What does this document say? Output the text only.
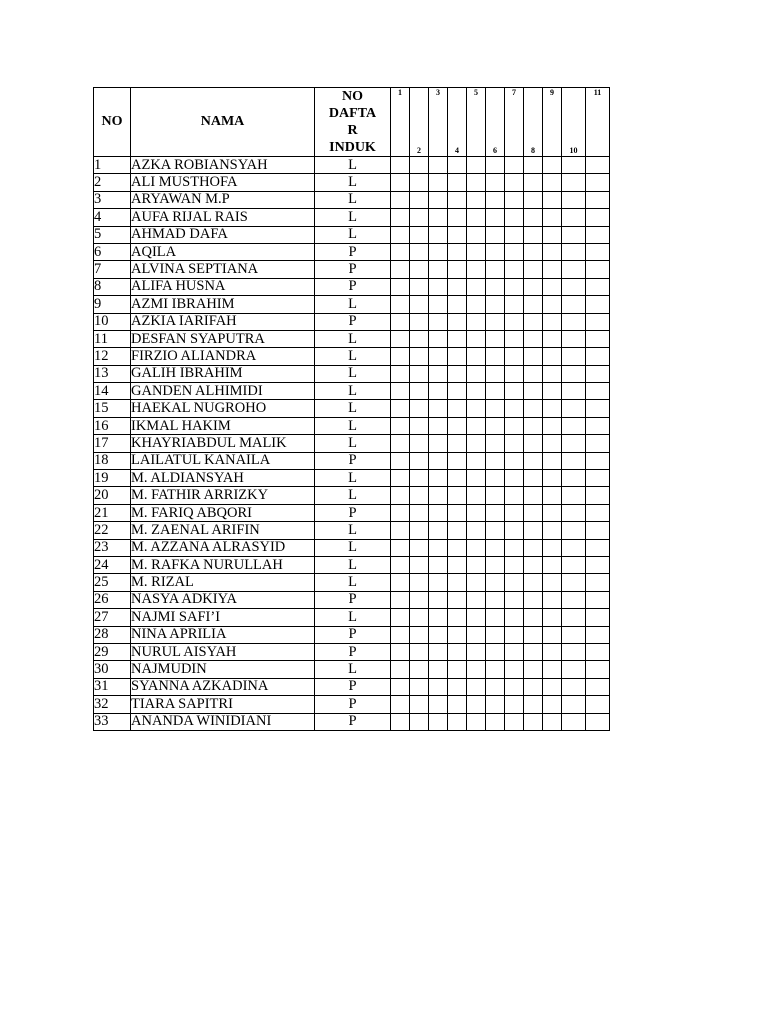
NO	NAMA	NO
DAFTA
R
INDUK	1	2	3	4	5	6	7	8	9	10	11

1	AZKA ROBIANSYAH	L											
2	ALI MUSTHOFA	L											
3	ARYAWAN M.P	L											
4	AUFA RIJAL RAIS	L											
5	AHMAD DAFA	L											
6	AQILA	P											
7	ALVINA SEPTIANA	P											
8	ALIFA HUSNA	P											
9	AZMI IBRAHIM	L											
10	AZKIA IARIFAH	P											
11	DESFAN SYAPUTRA	L											
12	FIRZIO ALIANDRA	L											
13	GALIH IBRAHIM	L											
14	GANDEN ALHIMIDI	L											
15	HAEKAL NUGROHO	L											
16	IKMAL HAKIM	L											
17	KHAYRIABDUL MALIK	L											
18	LAILATUL KANAILA	P											
19	M. ALDIANSYAH	L											
20	M. FATHIR ARRIZKY	L											
21	M. FARIQ ABQORI	P											
22	M. ZAENAL ARIFIN	L											
23	M. AZZANA ALRASYID	L											
24	M. RAFKA NURULLAH	L											
25	M. RIZAL	L											
26	NASYA ADKIYA	P											
27	NAJMI SAFI’I	L											
28	NINA APRILIA	P											
29	NURUL AISYAH	P											
30	NAJMUDIN	L											
31	SYANNA AZKADINA	P											
32	TIARA SAPITRI	P											
33	ANANDA WINIDIANI	P											
